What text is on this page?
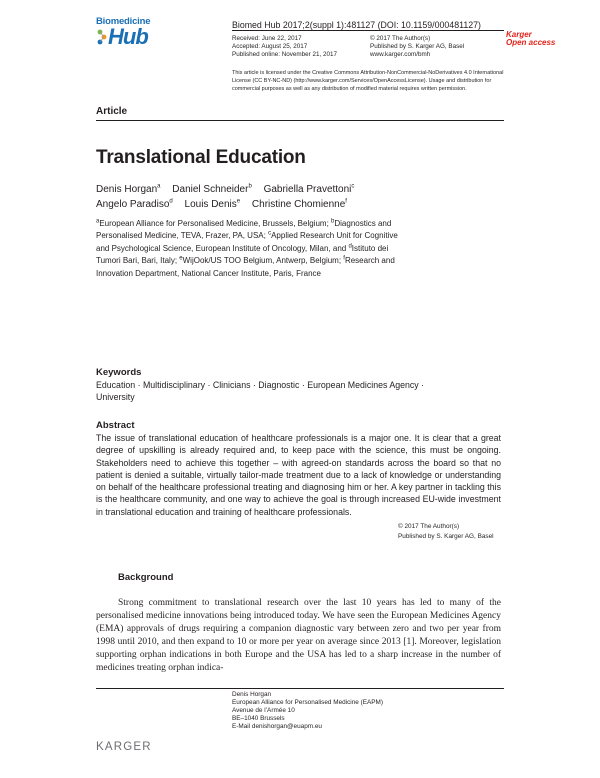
Biomedicine
Hub	Biomed Hub 2017;2(suppl 1):481127 (DOI: 10.1159/000481127)
Received: June 22, 2017
Accepted: August 25, 2017
Published online: November 21, 2017
© 2017 The Author(s)
Published by S. Karger AG, Basel
www.karger.com/bmh
Karger
Open access
This article is licensed under the Creative Commons Attribution-NonCommercial-NoDerivatives 4.0 International License (CC BY-NC-ND) (http://www.karger.com/Services/OpenAccessLicense). Usage and distribution for commercial purposes as well as any distribution of modified material requires written permission.
Article
Translational Education
Denis Horgan$^a$ Daniel Schneider$^b$ Gabriella Pravettoni$^c$ Angelo Paradiso$^d$ Louis Denis$^e$ Christine Chomienne$^f$
$^a$European Alliance for Personalised Medicine, Brussels, Belgium; $^b$Diagnostics and Personalised Medicine, TEVA, Frazer, PA, USA; $^c$Applied Research Unit for Cognitive and Psychological Science, European Institute of Oncology, Milan, and $^d$Istituto dei Tumori Bari, Bari, Italy; $^e$WijOok/US TOO Belgium, Antwerp, Belgium; $^f$Research and Innovation Department, National Cancer Institute, Paris, France
Keywords
Education · Multidisciplinary · Clinicians · Diagnostic · European Medicines Agency · University
Abstract
The issue of translational education of healthcare professionals is a major one. It is clear that a great degree of upskilling is already required and, to keep pace with the science, this must be ongoing. Stakeholders need to achieve this together – with agreed-on standards across the board so that no patient is denied a suitable, virtually tailor-made treatment due to a lack of knowledge or understanding on behalf of the healthcare professional treating and diagnosing him or her. A key partner in tackling this is the healthcare community, and one way to achieve the goal is through increased EU-wide investment in translational education and training of healthcare professionals.
© 2017 The Author(s)
Published by S. Karger AG, Basel
Background
Strong commitment to translational research over the last 10 years has led to many of the personalised medicine innovations being introduced today. We have seen the European Medicines Agency (EMA) approvals of drugs requiring a companion diagnostic vary between zero and two per year from 1998 until 2010, and then expand to 10 or more per year on average since 2013 [1]. Moreover, legislation supporting orphan indications in both Europe and the USA has led to a sharp increase in the number of medicines treating orphan indica-
Denis Horgan
European Alliance for Personalised Medicine (EAPM)
Avenue de l’Armée 10
BE–1040 Brussels
E-Mail denishorgan@euapm.eu
KARGER
